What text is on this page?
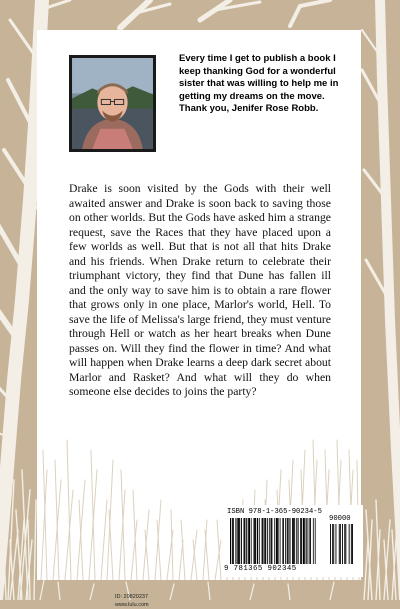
Every time I get to publish a book I keep thanking God for a wonderful sister that was willing to help me in getting my dreams on the move. Thank you, Jenifer Rose Robb.
Drake is soon visited by the Gods with their well awaited answer and Drake is soon back to saving those on other worlds. But the Gods have asked him a strange request, save the Races that they have placed upon a few worlds as well. But that is not all that hits Drake and his friends. When Drake return to celebrate their triumphant victory, they find that Dune has fallen ill and the only way to save him is to obtain a rare flower that grows only in one place, Marlor's world, Hell. To save the life of Melissa's large friend, they must venture through Hell or watch as her heart breaks when Dune passes on. Will they find the flower in time? And what will happen when Drake learns a deep dark secret about Marlor and Rasket? And what will they do when someone else decides to joins the party?
ID: 20820237
www.lulu.com
ISBN 978-1-365-90234-5
90000
9 781365 902345
